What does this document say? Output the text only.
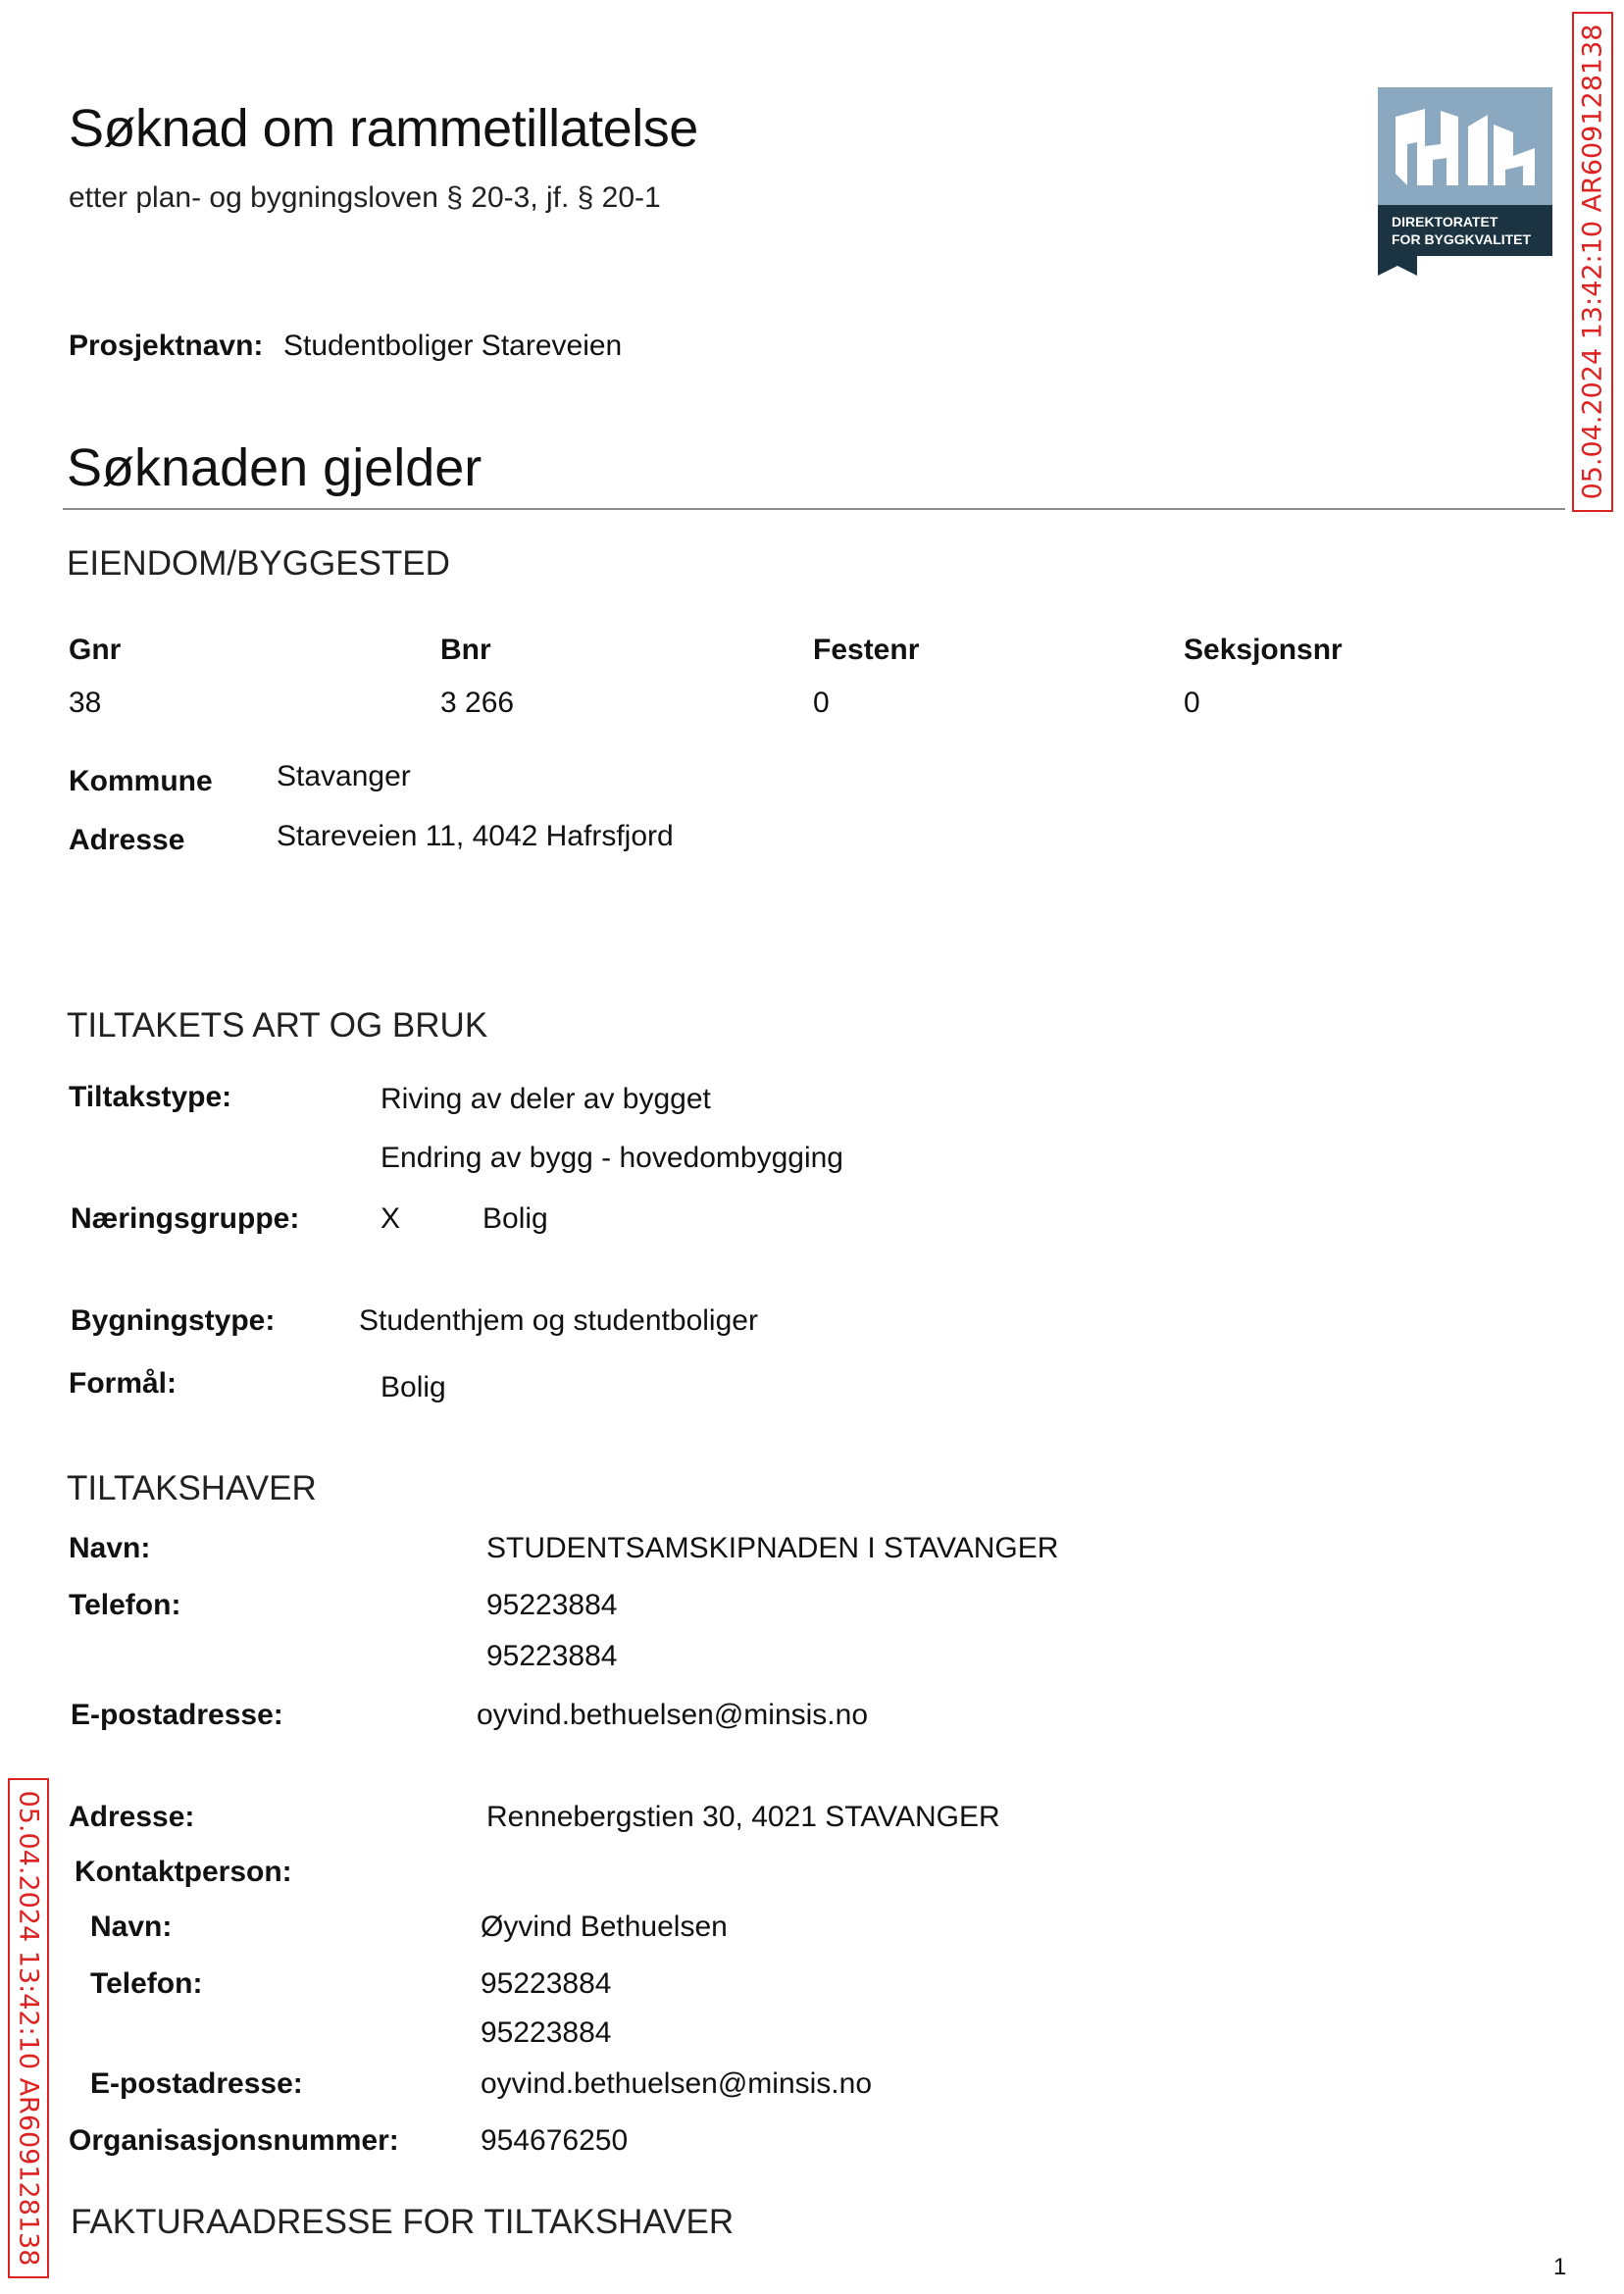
Søknad om rammetillatelse
etter plan- og bygningsloven § 20-3, jf. § 20-1
DIREKTORATET
FOR BYGGKVALITET 05.04.2024 13:42:10 AR609128138
05.04.2024 13:42:10 AR609128138
Prosjektnavn: Studentboliger Stareveien
Søknaden gjelder
EIENDOM/BYGGESTED
Gnr	Bnr	Festenr	Seksjonsnr
38	3 266	0	0
Kommune Stavanger
Adresse	Stareveien 11, 4042 Hafrsfjord
TILTAKETS ART OG BRUK
Tiltakstype:	Riving av deler av bygget
Endring av bygg - hovedombygging
Næringsgruppe:	X	Bolig
Bygningstype:	Studenthjem og studentboliger
Formål:	Bolig
TILTAKSHAVER
Navn:	STUDENTSAMSKIPNADEN I STAVANGER
Telefon:	95223884
95223884
E-postadresse:	oyvind.bethuelsen@minsis.no
Adresse:	Rennebergstien 30, 4021 STAVANGER
Kontaktperson:
Navn:	Øyvind Bethuelsen
Telefon:	95223884
95223884
E-postadresse:	oyvind.bethuelsen@minsis.no
Organisasjonsnummer:	954676250
FAKTURAADRESSE FOR TILTAKSHAVER
1
